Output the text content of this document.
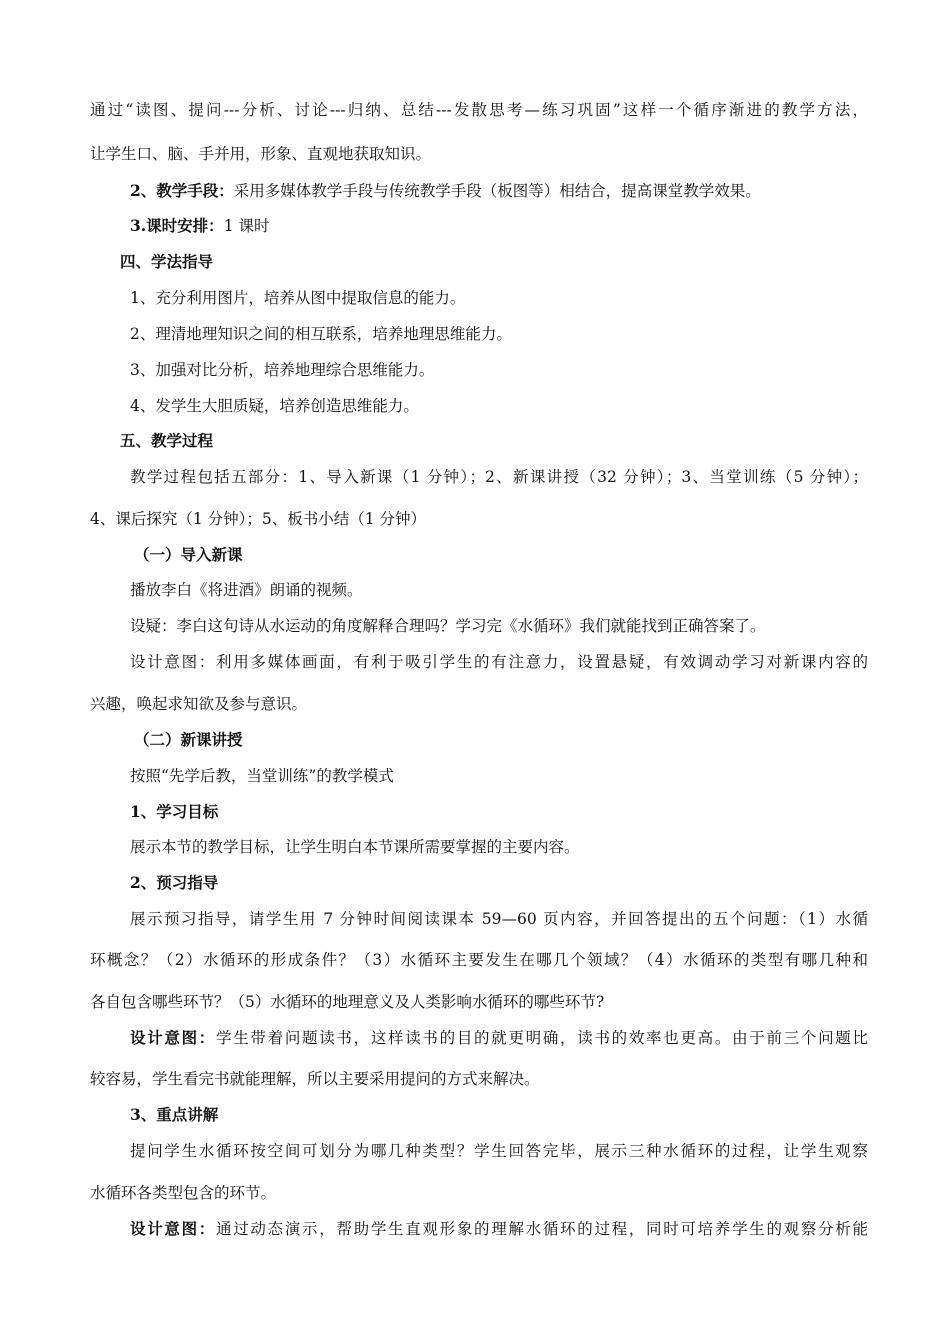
通过“读图、提问---分析、讨论---归纳、总结---发散思考—练习巩固”这样一个循序渐进的教学方法，
让学生口、脑、手并用，形象、直观地获取知识。
2、教学手段：采用多媒体教学手段与传统教学手段（板图等）相结合，提高课堂教学效果。
3.课时安排：1 课时
四、学法指导
1、充分利用图片，培养从图中提取信息的能力。
2、理清地理知识之间的相互联系，培养地理思维能力。
3、加强对比分析，培养地理综合思维能力。
4、发学生大胆质疑，培养创造思维能力。
五、教学过程
教学过程包括五部分：1、导入新课（1 分钟）；2、新课讲授（32 分钟）；3、当堂训练（5 分钟）；
4、课后探究（1 分钟）；5、板书小结（1 分钟）
（一）导入新课
播放李白《将进酒》朗诵的视频。
设疑：李白这句诗从水运动的角度解释合理吗？学习完《水循环》我们就能找到正确答案了。
设计意图：利用多媒体画面，有利于吸引学生的有注意力，设置悬疑，有效调动学习对新课内容的
兴趣，唤起求知欲及参与意识。
（二）新课讲授
按照“先学后教，当堂训练”的教学模式
1、学习目标
展示本节的教学目标，让学生明白本节课所需要掌握的主要内容。
2、预习指导
展示预习指导，请学生用 7 分钟时间阅读课本 59—60 页内容，并回答提出的五个问题：（1）水循
环概念？（2）水循环的形成条件？（3）水循环主要发生在哪几个领域？（4）水循环的类型有哪几种和
各自包含哪些环节？（5）水循环的地理意义及人类影响水循环的哪些环节?
设计意图：学生带着问题读书，这样读书的目的就更明确，读书的效率也更高。由于前三个问题比
较容易，学生看完书就能理解，所以主要采用提问的方式来解决。
3、重点讲解
提问学生水循环按空间可划分为哪几种类型？学生回答完毕，展示三种水循环的过程，让学生观察
水循环各类型包含的环节。
设计意图：通过动态演示，帮助学生直观形象的理解水循环的过程，同时可培养学生的观察分析能
